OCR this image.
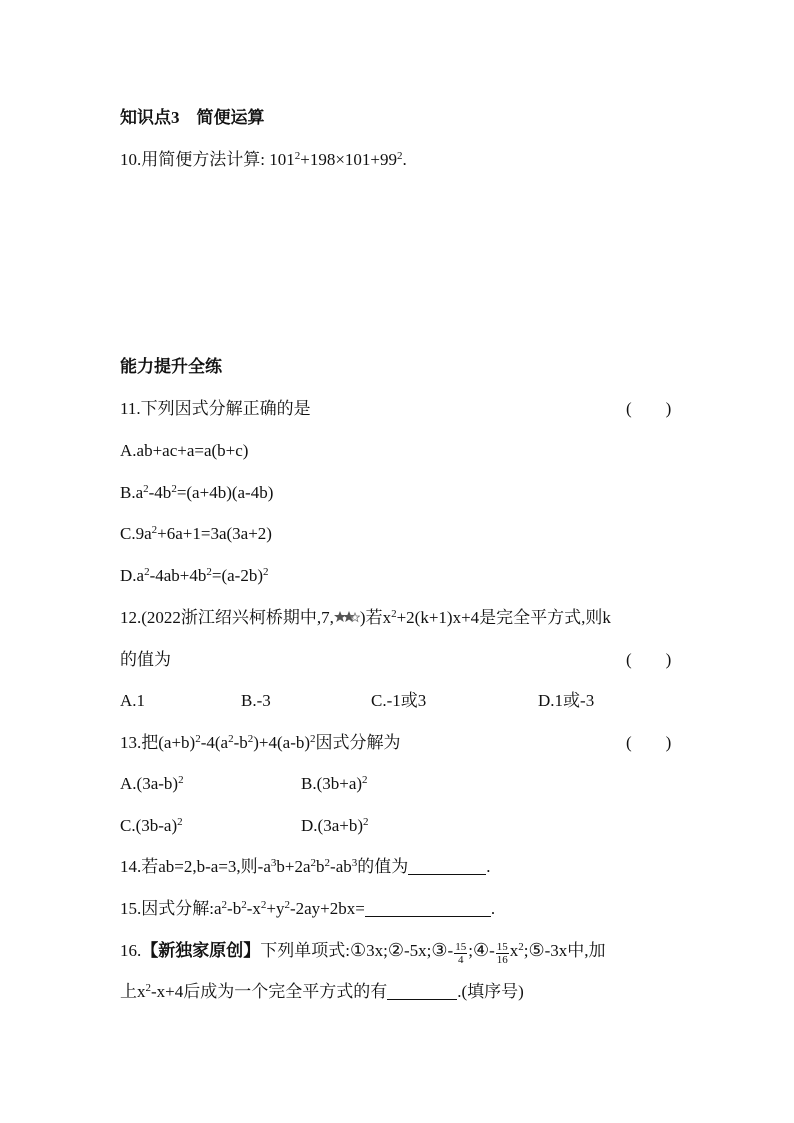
知识点3　简便运算
10.用简便方法计算: $101^2+198\times 101+99^2$.
能力提升全练
11.下列因式分解正确的是	(　　)
A.ab+ac+a=a(b+c)
$B.a^2-4b^2=(a+4b)(a-4b)$
$C.9a^2+6a+1=3a(3a+2)$
$D.a^2-4ab+4b^2=(a-2b)^2$
12.(2022浙江绍兴柯桥期中,7, )若$x^2+2(k+1)x+4$是完全平方式,则k
的值为	(　　)
A.1	B.-3	C.-1或3	D.1或-3
13.把$(a+b)^2-4(a^2-b^2)+4(a-b)^2$因式分解为	(　　)
$A.(3a-b)^2$	$B.(3b+a)^2$
$C.(3b-a)^2$	$D.(3a+b)^2$
14.若ab=2,b-a=3,则$-a^3b+2a^2b^2-ab^3$的值为	.
15.因式分解$:a^2-b^2-x^2+y^2-2ay+2bx=$	.
16.【新独家原创】下列单项式:①3x;②-5x;③- $\frac{15}{4}$ ;④- $\frac{15}{16}$ $x^2;⑤-3x$中,加
上$x^2-x+4$后成为一个完全平方式的有	.(填序号)
